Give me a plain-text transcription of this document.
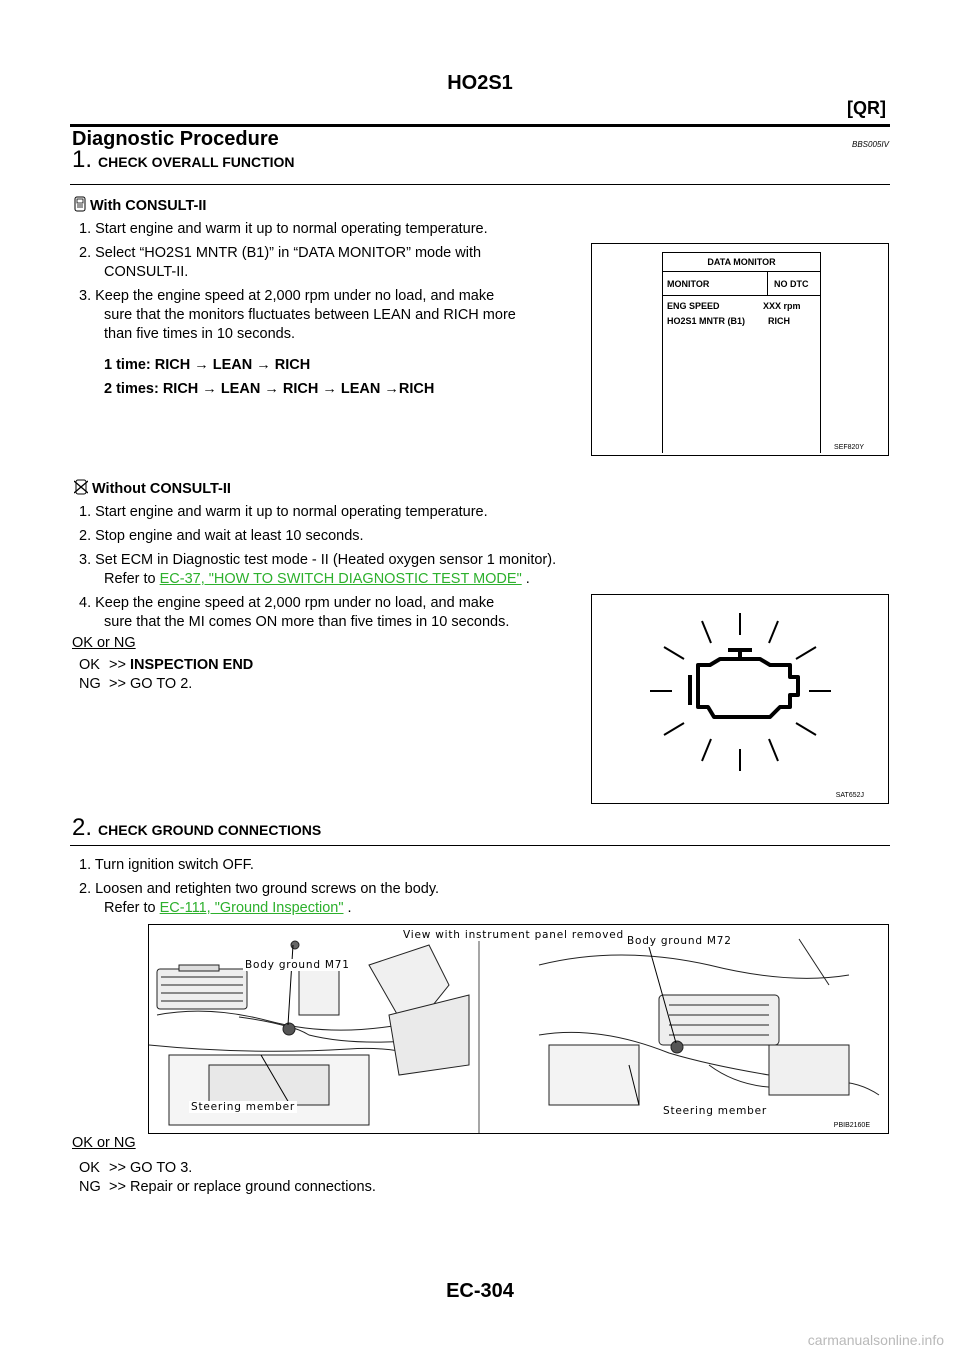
HO2S1
[QR]
Diagnostic Procedure	BBS005IV
1. CHECK OVERALL FUNCTION
With CONSULT-II
1. Start engine and warm it up to normal operating temperature.
2. Select “HO2S1 MNTR (B1)” in “DATA MONITOR” mode with
CONSULT-II.
3. Keep the engine speed at 2,000 rpm under no load, and make
sure that the monitors fluctuates between LEAN and RICH more
than five times in 10 seconds.
1 time: RICH → LEAN → RICH
2 times: RICH → LEAN → RICH → LEAN →RICH
DATA MONITOR
MONITOR	NO DTC
ENG SPEED	XXX rpm
HO2S1 MNTR (B1)	RICH
SEF820Y
Without CONSULT-II
1. Start engine and warm it up to normal operating temperature.
2. Stop engine and wait at least 10 seconds.
3. Set ECM in Diagnostic test mode - II (Heated oxygen sensor 1 monitor).
Refer to EC-37, "HOW TO SWITCH DIAGNOSTIC TEST MODE" .
4. Keep the engine speed at 2,000 rpm under no load, and make
sure that the MI comes ON more than five times in 10 seconds.
OK or NG
OK >> INSPECTION END
NG >> GO TO 2.
SAT652J
2. CHECK GROUND CONNECTIONS
1. Turn ignition switch OFF.
2. Loosen and retighten two ground screws on the body.
Refer to EC-111, "Ground Inspection" .
View with instrument panel removed
Body ground M71
Body ground M72
Steering member	Steering member
PBIB2160E
OK or NG
OK >> GO TO 3.
NG >> Repair or replace ground connections.
EC-304
carmanualsonline.info
